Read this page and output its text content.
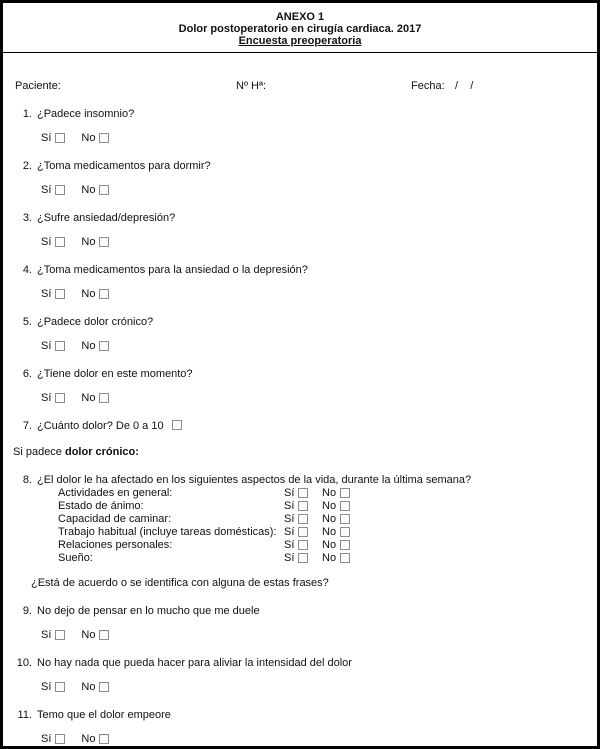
ANEXO 1
Dolor postoperatorio en cirugía cardiaca. 2017
Encuesta preoperatoria
Paciente:	Nº Hª:	Fecha: /    /
1. ¿Padece insomnio?
Sí	No
2. ¿Toma medicamentos para dormir?
Sí	No
3. ¿Sufre ansiedad/depresión?
Sí	No
4. ¿Toma medicamentos para la ansiedad o la depresión?
Sí	No
5. ¿Padece dolor crónico?
Sí	No
6. ¿Tiene dolor en este momento?
Sí	No
7. ¿Cuánto dolor? De 0 a 10
Si padece dolor crónico:
8. ¿El dolor le ha afectado en los siguientes aspectos de la vida, durante la última semana?
Actividades en general:	Sí	No
Estado de ánimo:	Sí	No
Capacidad de caminar:	Sí	No
Trabajo habitual (incluye tareas domésticas): Sí	No
Relaciones personales:	Sí	No
Sueño:	Sí	No
¿Está de acuerdo o se identifica con alguna de estas frases?
9. No dejo de pensar en lo mucho que me duele
Sí	No
10. No hay nada que pueda hacer para aliviar la intensidad del dolor
Sí	No
11. Temo que el dolor empeore
Sí	No
